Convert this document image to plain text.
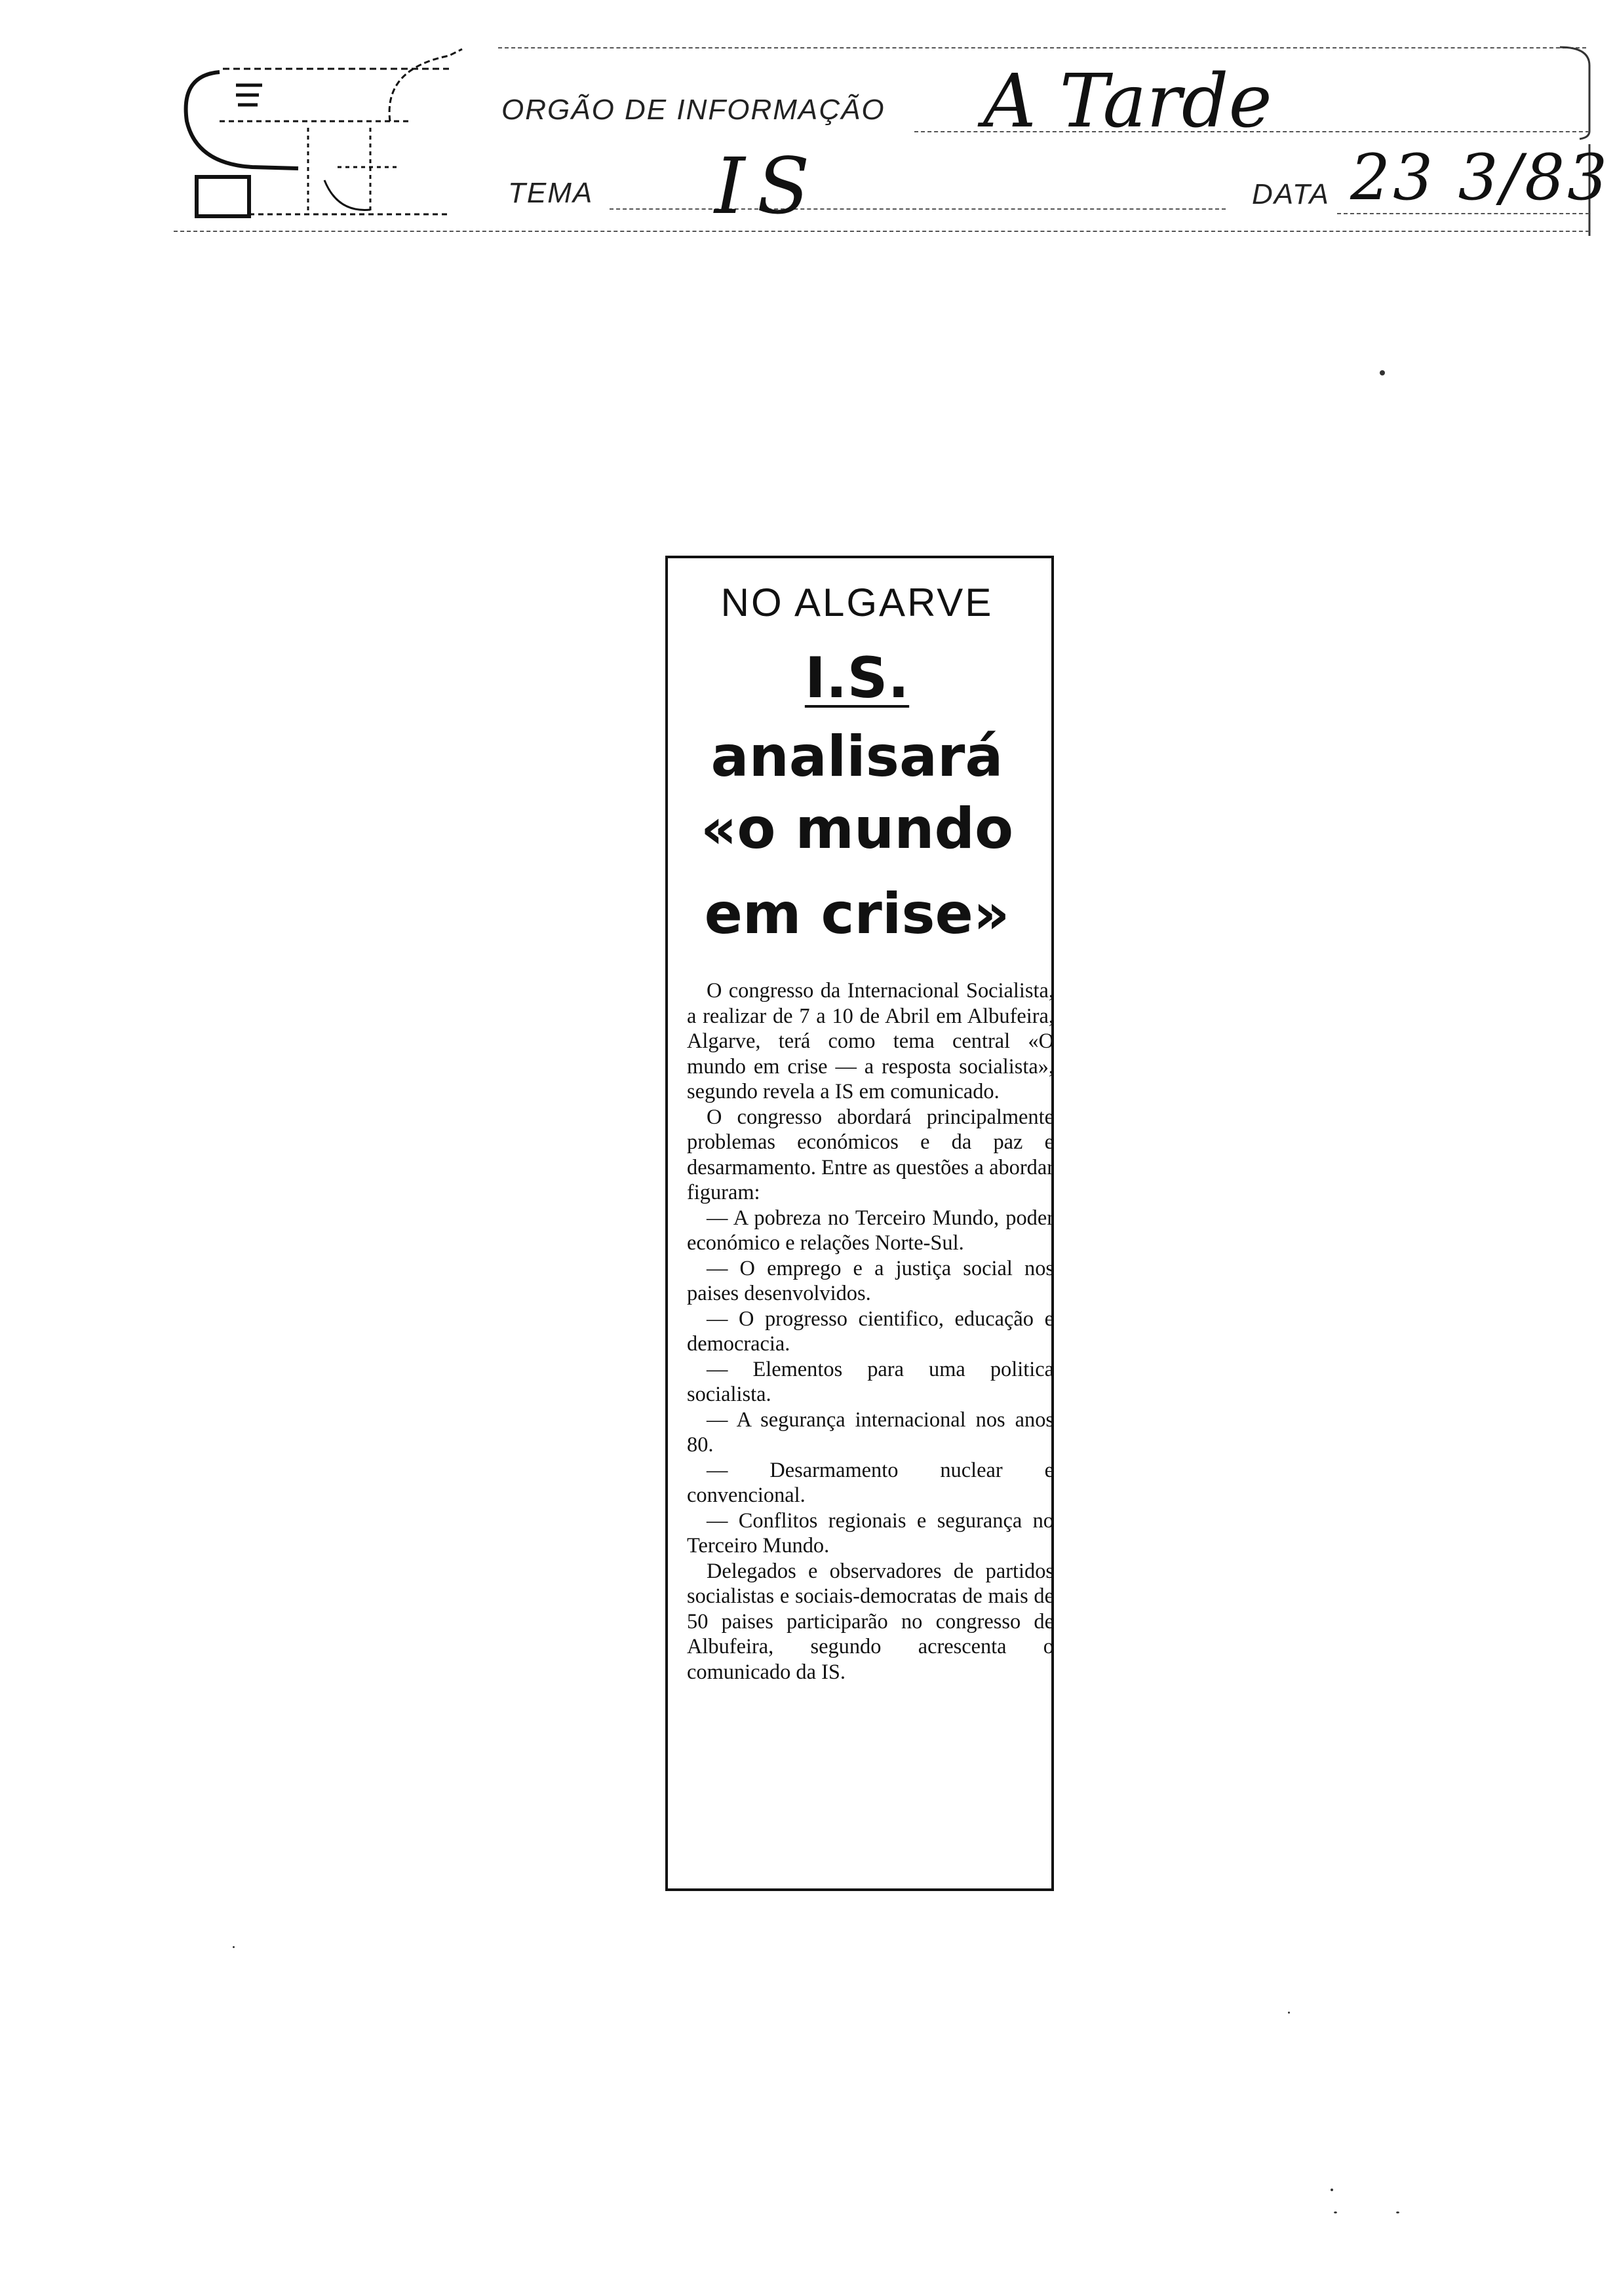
ORGÃO DE INFORMAÇÃO A Tarde
TEMA IS	DATA 23 3/83
NO ALGARVE
I.S.
analisará
«o mundo
em crise»

O congresso da Internacional Socialista, a realizar de 7 a 10 de Abril em Albufeira, Algarve, terá como tema central «O mundo em crise — a resposta socialista», segundo revela a IS em comunicado.

O congresso abordará principalmente problemas económicos e da paz e desarmamento. Entre as questões a abordar figuram:

— A pobreza no Terceiro Mundo, poder económico e relações Norte-Sul.

— O emprego e a justiça social nos paises desenvolvidos.

— O progresso cientifico, educação e democracia.

— Elementos para uma politica socialista.

— A segurança internacional nos anos 80.

— Desarmamento nuclear e convencional.

— Conflitos regionais e segurança no Terceiro Mundo.

Delegados e observadores de partidos socialistas e sociais-democratas de mais de 50 paises participarão no congresso de Albufeira, segundo acrescenta o comunicado da IS.
